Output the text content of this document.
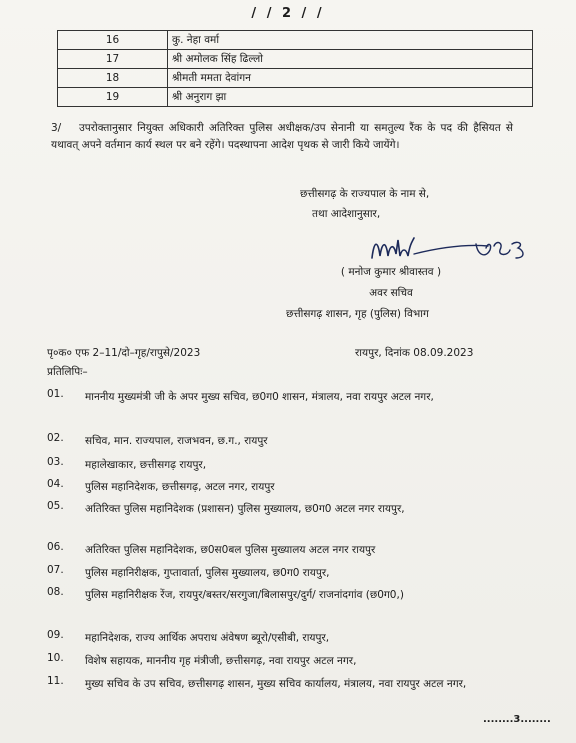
/ / 2 / /
16	कु. नेहा वर्मा
17	श्री अमोलक सिंह ढिल्लो
18	श्रीमती ममता देवांगन
19	श्री अनुराग झा
3/ उपरोक्तानुसार नियुक्त अधिकारी अतिरिक्त पुलिस अधीक्षक/उप सेनानी या समतुल्य रैंक के पद की हैसियत से यथावत् अपने वर्तमान कार्य स्थल पर बने रहेंगे। पदस्थापना आदेश पृथक से जारी किये जायेंगे।
छत्तीसगढ़ के राज्यपाल के नाम से,
तथा आदेशानुसार,
( मनोज कुमार श्रीवास्तव )
अवर सचिव
छत्तीसगढ़ शासन, गृह (पुलिस) विभाग
पृ०क० एफ 2–11/दो–गृह/रापुसे/2023	रायपुर, दिनांक 08.09.2023
प्रतिलिपिः–
01.	माननीय मुख्यमंत्री जी के अपर मुख्य सचिव, छ0ग0 शासन, मंत्रालय, नवा रायपुर अटल नगर,
02.	सचिव, मान. राज्यपाल, राजभवन, छ.ग., रायपुर
03.	महालेखाकार, छत्तीसगढ़ रायपुर,
04.	पुलिस महानिदेशक, छत्तीसगढ़, अटल नगर, रायपुर
05.	अतिरिक्त पुलिस महानिदेशक (प्रशासन) पुलिस मुख्यालय, छ0ग0 अटल नगर रायपुर,
06.	अतिरिक्त पुलिस महानिदेशक, छ0स0बल पुलिस मुख्यालय अटल नगर रायपुर
07.	पुलिस महानिरीक्षक, गुप्तावार्ता, पुलिस मुख्यालय, छ0ग0 रायपुर,
08.	पुलिस महानिरीक्षक रेंज, रायपुर/बस्तर/सरगुजा/बिलासपुर/दुर्ग/ राजनांदगांव (छ0ग0,)
09.	महानिदेशक, राज्य आर्थिक अपराध अंवेषण ब्यूरो/एसीबी, रायपुर,
10.	विशेष सहायक, माननीय गृह मंत्रीजी, छत्तीसगढ़, नवा रायपुर अटल नगर,
11.	मुख्य सचिव के उप सचिव, छत्तीसगढ़ शासन, मुख्य सचिव कार्यालय, मंत्रालय, नवा रायपुर अटल नगर,
........3........
